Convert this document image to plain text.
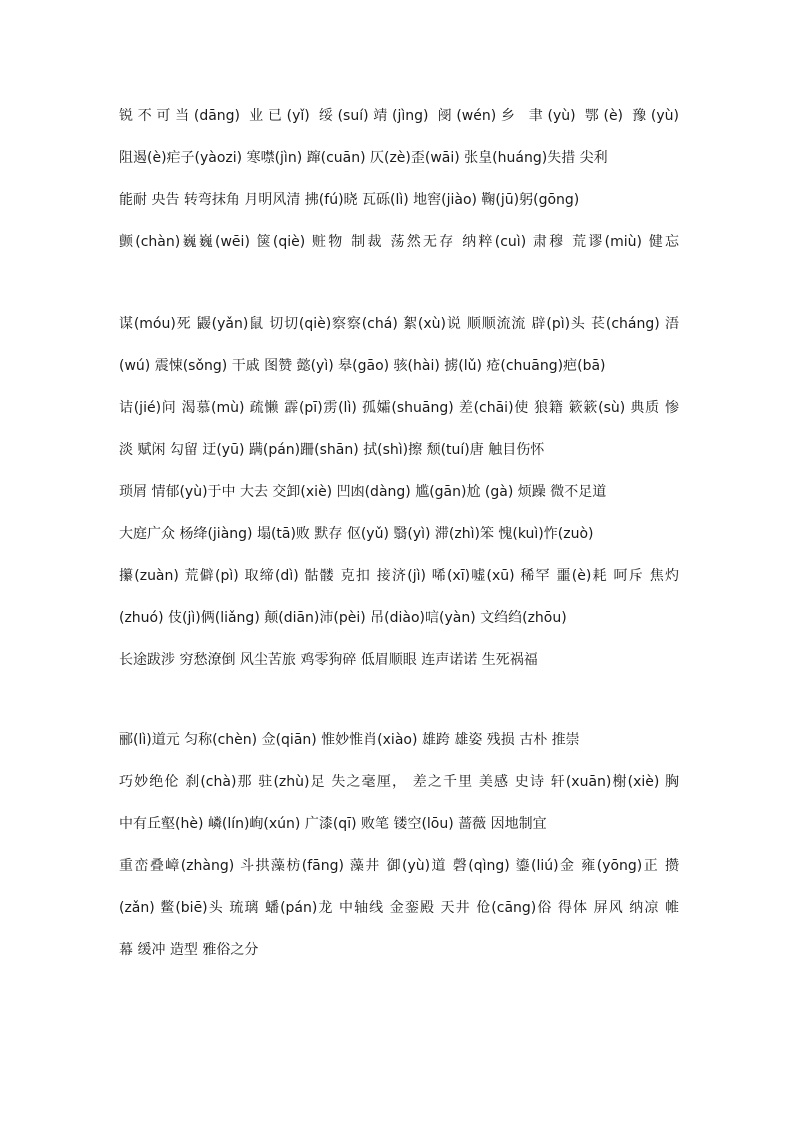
锐不可当(dāng) 业已(yǐ) 绥(suí)靖(jìng) 阌(wén)乡 聿(yù) 鄂(è) 豫(yù)
阻遏(è)疟子(yàozi) 寒噤(jìn) 蹿(cuān) 仄(zè)歪(wāi) 张皇(huáng)失措 尖利
能耐 央告 转弯抹角 月明风清 拂(fú)晓 瓦砾(lì) 地窖(jiào) 鞠(jū)躬(gōng)
颤(chàn)巍巍(wēi) 箧(qiè) 赃物 制裁 荡然无存 纳粹(cuì) 肃穆 荒谬(miù) 健忘
谋(móu)死 鼹(yǎn)鼠 切切(qiè)察察(chá) 絮(xù)说 顺顺流流 辟(pì)头 苌(cháng) 浯
(wú) 震悚(sǒng) 干戚 图赞 懿(yì) 皋(gāo) 骇(hài) 掳(lǔ) 疮(chuāng)疤(bā)
诘(jié)问 渴慕(mù) 疏懒 霹(pī)雳(lì) 孤孀(shuāng) 差(chāi)使 狼籍 簌簌(sù) 典质 惨
淡 赋闲 勾留 迂(yū) 蹒(pán)跚(shān) 拭(shì)擦 颓(tuí)唐 触目伤怀
琐屑 情郁(yù)于中 大去 交卸(xiè) 凹凼(dàng) 尴(gān)尬 (gà) 烦躁 微不足道
大庭广众 杨绛(jiàng) 塌(tā)败 默存 伛(yǔ) 翳(yì) 滞(zhì)笨 愧(kuì)怍(zuò)
攥(zuàn) 荒僻(pì) 取缔(dì) 骷髅 克扣 接济(jì) 唏(xī)嘘(xū) 稀罕 噩(è)耗 呵斥 焦灼
(zhuó) 伎(jì)俩(liǎng) 颠(diān)沛(pèi) 吊(diào)唁(yàn) 文绉绉(zhōu)
长途跋涉 穷愁潦倒 风尘苦旅 鸡零狗碎 低眉顺眼 连声诺诺 生死祸福
郦(lì)道元 匀称(chèn) 佥(qiān) 惟妙惟肖(xiào) 雄跨 雄姿 残损 古朴 推崇
巧妙绝伦 刹(chà)那 驻(zhù)足 失之毫厘， 差之千里 美感 史诗 轩(xuān)榭(xiè) 胸
中有丘壑(hè) 嶙(lín)峋(xún) 广漆(qī) 败笔 镂空(lōu) 蔷薇 因地制宜
重峦叠嶂(zhàng) 斗拱藻枋(fāng) 藻井 御(yù)道 磬(qìng) 鎏(liú)金 雍(yōng)正 攒
(zǎn) 鳖(biē)头 琉璃 蟠(pán)龙 中轴线 金銮殿 天井 伧(cāng)俗 得体 屏风 纳凉 帷
幕 缓冲 造型 雅俗之分
